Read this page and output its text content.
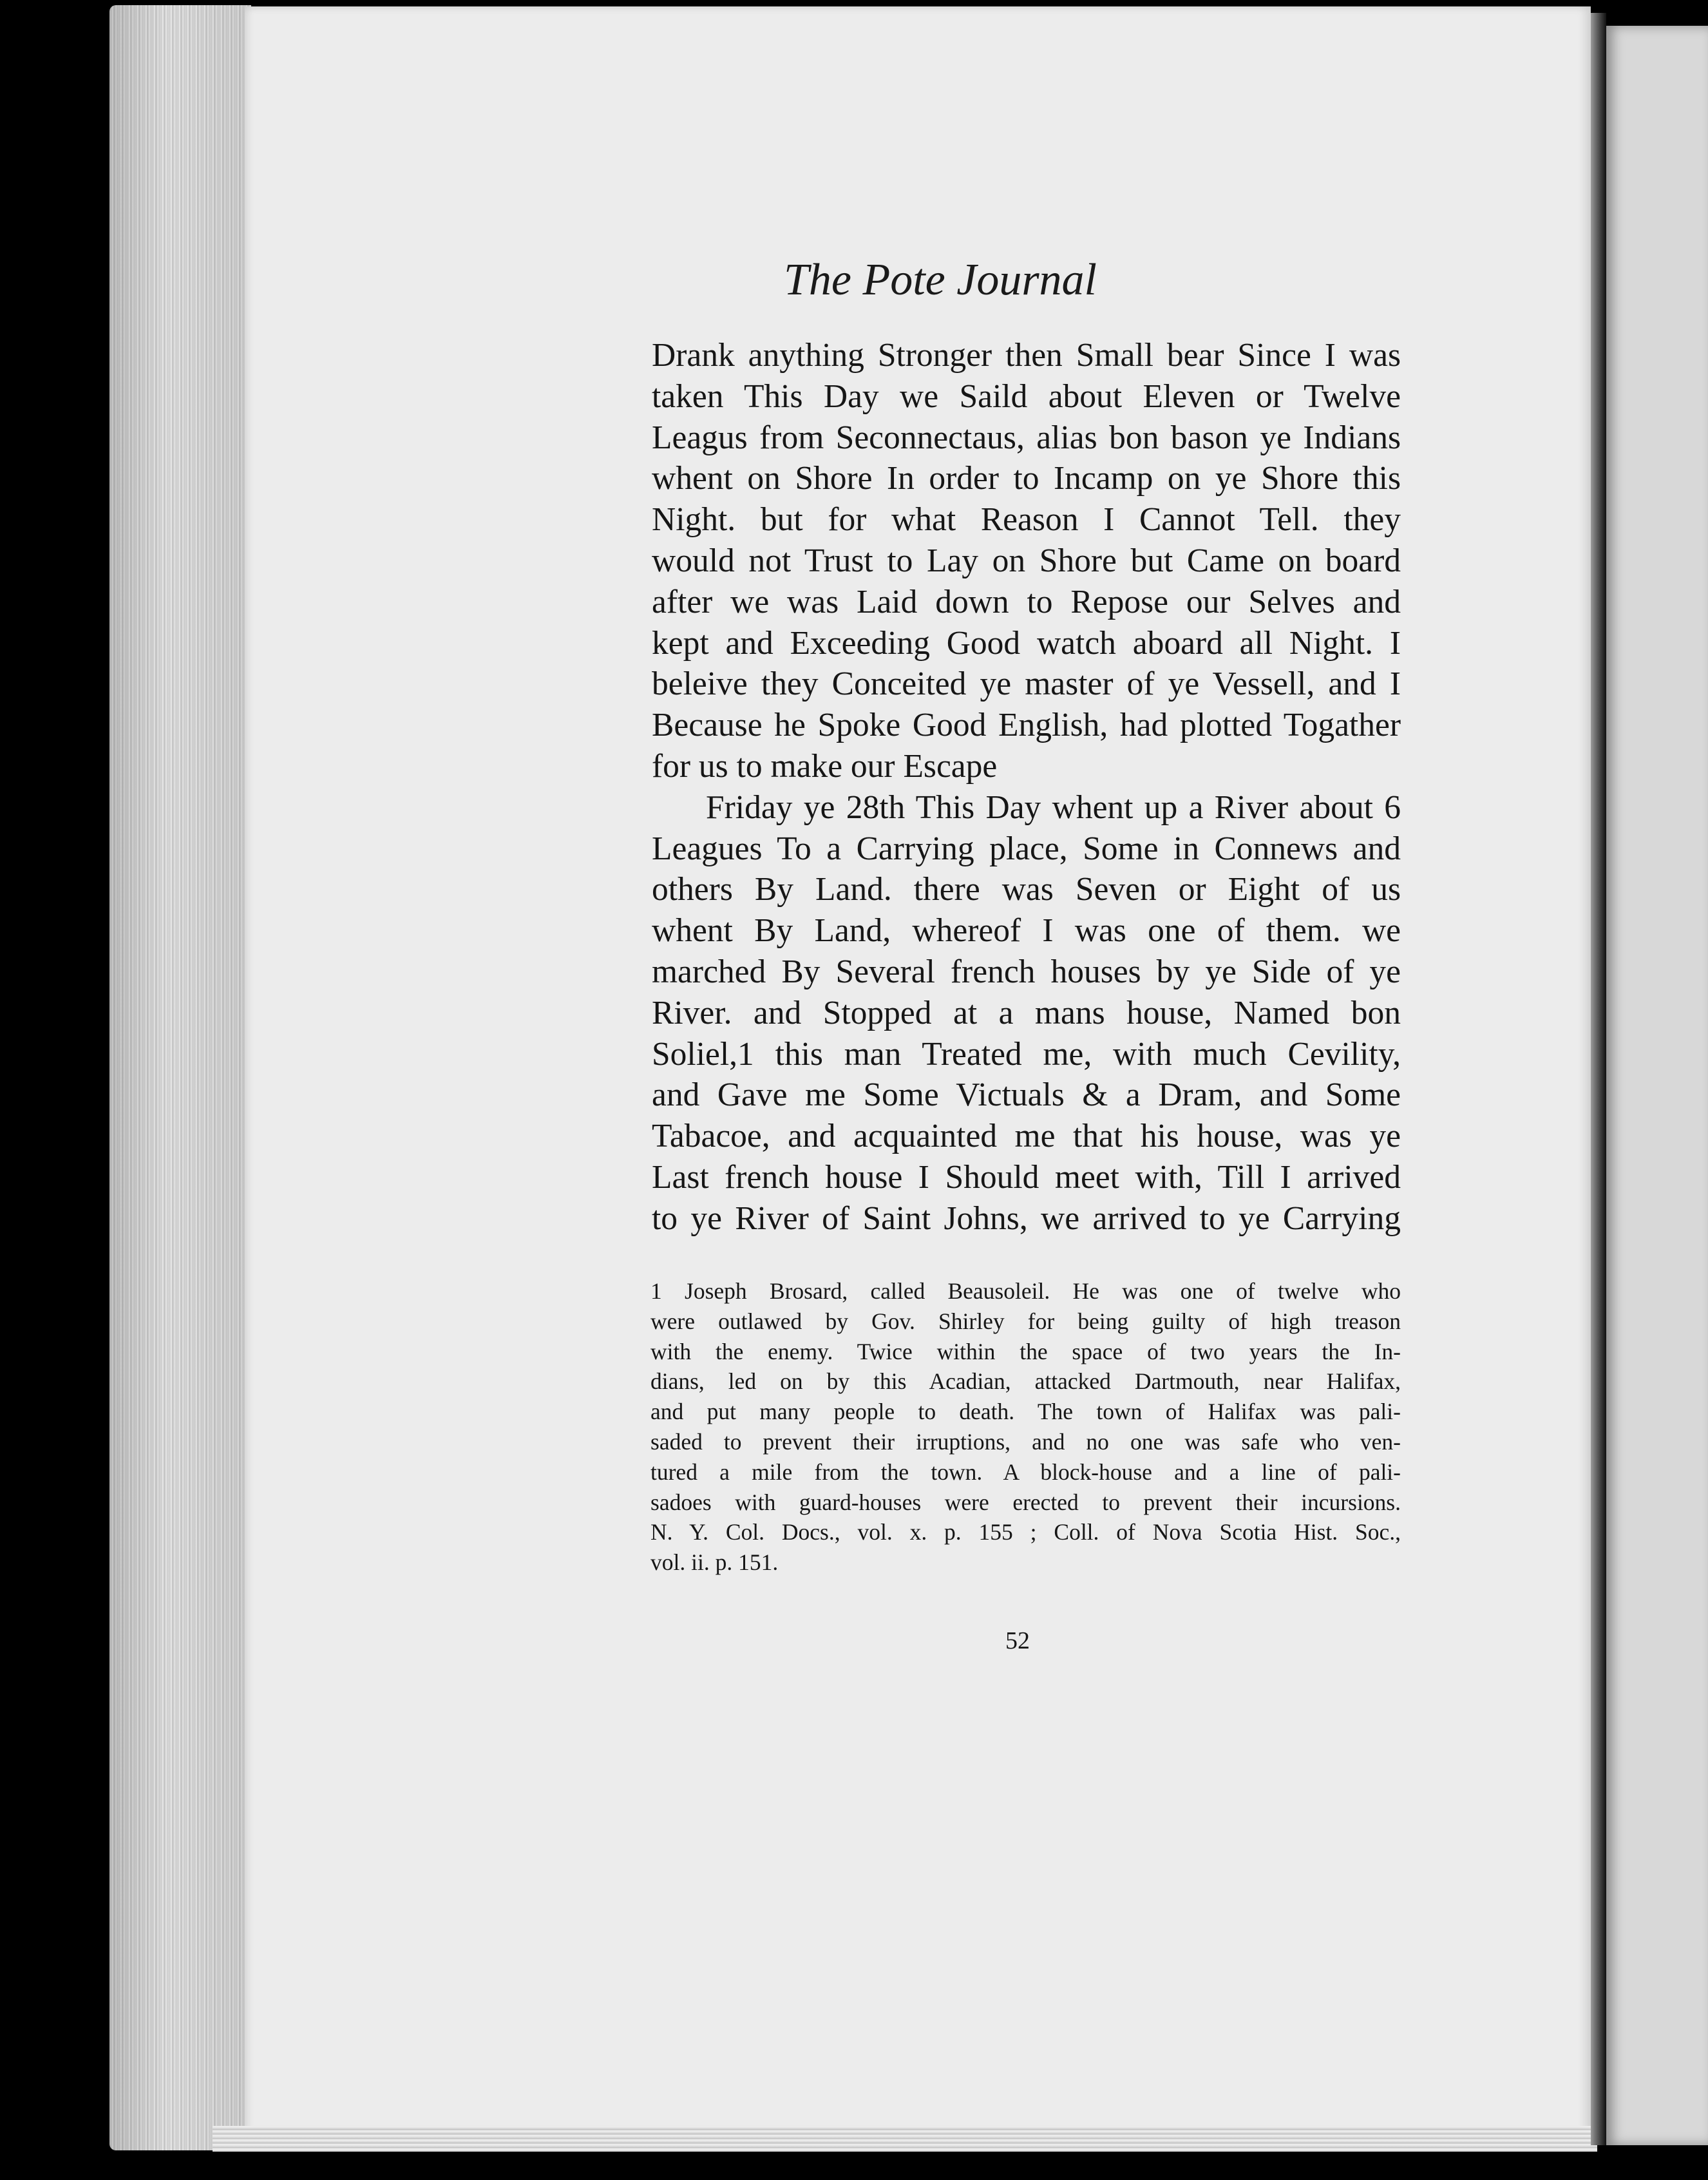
The Pote Journal
Drank anything Stronger then Small bear Since I was
taken This Day we Saild about Eleven or Twelve
Leagus from Seconnectaus, alias bon bason ye Indians
whent on Shore In order to Incamp on ye Shore this
Night. but for what Reason I Cannot Tell. they
would not Trust to Lay on Shore but Came on board
after we was Laid down to Repose our Selves and
kept and Exceeding Good watch aboard all Night. I
beleive they Conceited ye master of ye Vessell, and I
Because he Spoke Good English, had plotted Togather
for us to make our Escape
Friday ye 28th This Day whent up a River about 6
Leagues To a Carrying place, Some in Connews and
others By Land. there was Seven or Eight of us
whent By Land, whereof I was one of them. we
marched By Several french houses by ye Side of ye
River. and Stopped at a mans house, Named bon
Soliel,1 this man Treated me, with much Cevility,
and Gave me Some Victuals & a Dram, and Some
Tabacoe, and acquainted me that his house, was ye
Last french house I Should meet with, Till I arrived
to ye River of Saint Johns, we arrived to ye Carrying
1 Joseph Brosard, called Beausoleil. He was one of twelve who
were outlawed by Gov. Shirley for being guilty of high treason
with the enemy. Twice within the space of two years the In-
dians, led on by this Acadian, attacked Dartmouth, near Halifax,
and put many people to death. The town of Halifax was pali-
saded to prevent their irruptions, and no one was safe who ven-
tured a mile from the town. A block-house and a line of pali-
sadoes with guard-houses were erected to prevent their incursions.
N. Y. Col. Docs., vol. x. p. 155 ; Coll. of Nova Scotia Hist. Soc.,
vol. ii. p. 151.
52
